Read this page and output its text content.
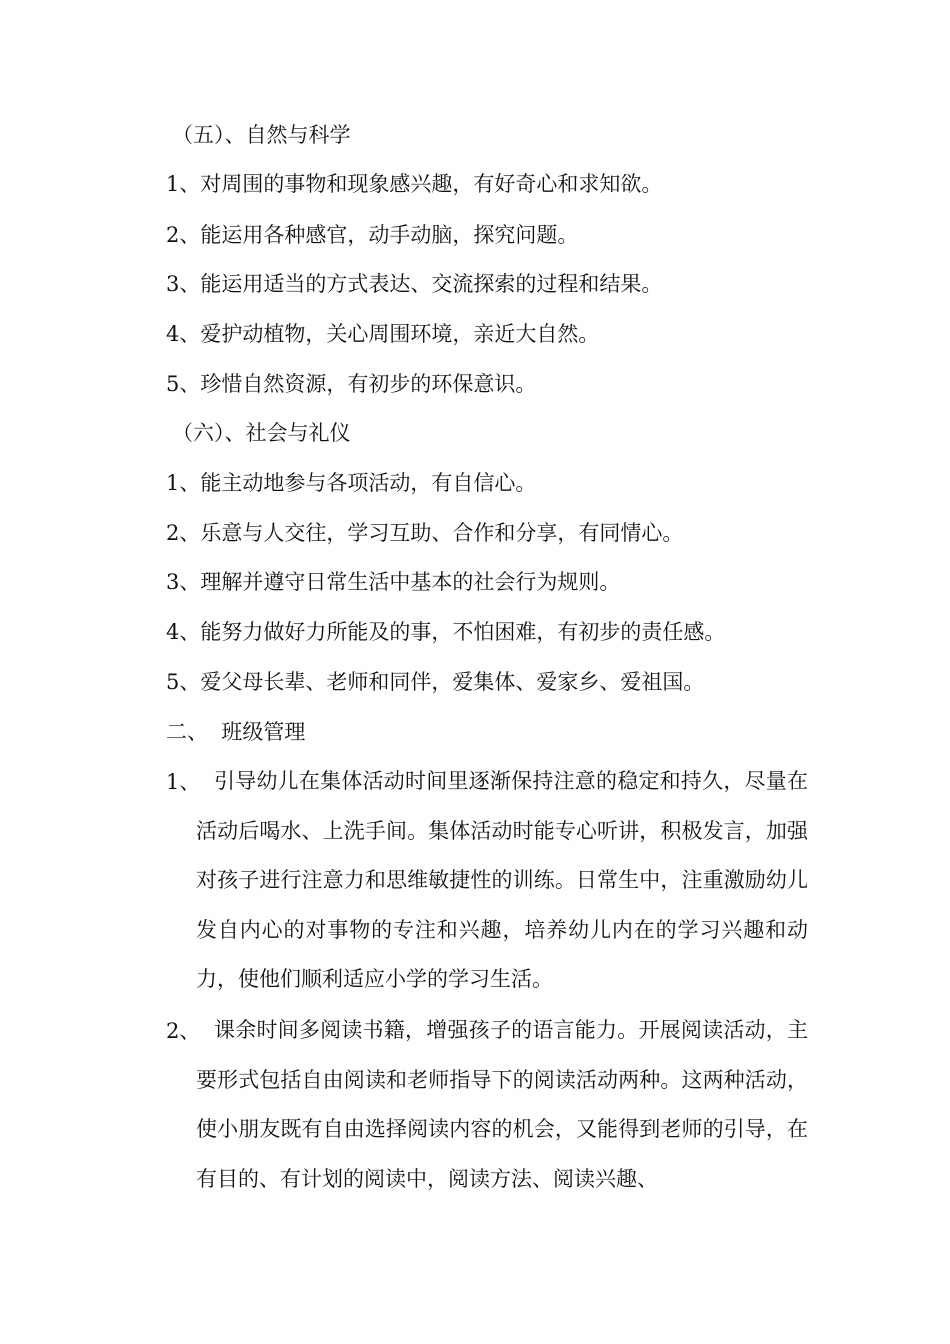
（五）、自然与科学
1、对周围的事物和现象感兴趣，有好奇心和求知欲。
2、能运用各种感官，动手动脑，探究问题。
3、能运用适当的方式表达、交流探索的过程和结果。
4、爱护动植物，关心周围环境，亲近大自然。
5、珍惜自然资源，有初步的环保意识。
（六）、社会与礼仪
1、能主动地参与各项活动，有自信心。
2、乐意与人交往，学习互助、合作和分享，有同情心。
3、理解并遵守日常生活中基本的社会行为规则。
4、能努力做好力所能及的事，不怕困难，有初步的责任感。
5、爱父母长辈、老师和同伴，爱集体、爱家乡、爱祖国。
二、  班级管理
1、 引导幼儿在集体活动时间里逐渐保持注意的稳定和持久，尽量在活动后喝水、上洗手间。集体活动时能专心听讲，积极发言，加强对孩子进行注意力和思维敏捷性的训练。日常生中，注重激励幼儿发自内心的对事物的专注和兴趣，培养幼儿内在的学习兴趣和动力，使他们顺利适应小学的学习生活。

2、 课余时间多阅读书籍，增强孩子的语言能力。开展阅读活动，主要形式包括自由阅读和老师指导下的阅读活动两种。这两种活动，使小朋友既有自由选择阅读内容的机会，又能得到老师的引导，在有目的、有计划的阅读中，阅读方法、阅读兴趣、
